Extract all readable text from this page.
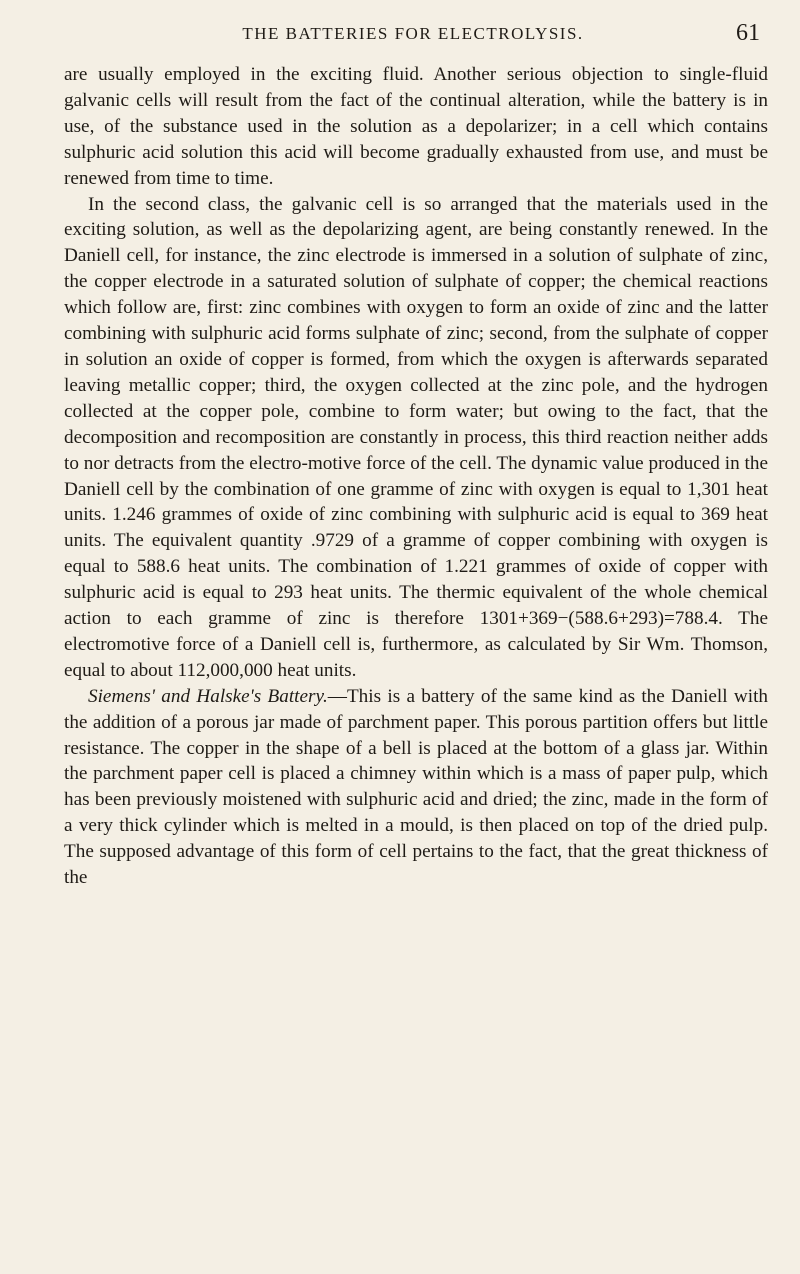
THE BATTERIES FOR ELECTROLYSIS.	61

are usually employed in the exciting fluid. Another serious objection to single-fluid galvanic cells will result from the fact of the continual alteration, while the battery is in use, of the substance used in the solution as a depolarizer; in a cell which contains sulphuric acid solution this acid will become gradually exhausted from use, and must be renewed from time to time.

In the second class, the galvanic cell is so arranged that the materials used in the exciting solution, as well as the depolarizing agent, are being constantly renewed. In the Daniell cell, for instance, the zinc electrode is immersed in a solution of sulphate of zinc, the copper electrode in a saturated solution of sulphate of copper; the chemical reactions which follow are, first: zinc combines with oxygen to form an oxide of zinc and the latter combining with sulphuric acid forms sulphate of zinc; second, from the sulphate of copper in solution an oxide of copper is formed, from which the oxygen is afterwards separated leaving metallic copper; third, the oxygen collected at the zinc pole, and the hydrogen collected at the copper pole, combine to form water; but owing to the fact, that the decomposition and recomposition are constantly in process, this third reaction neither adds to nor detracts from the electro-motive force of the cell. The dynamic value produced in the Daniell cell by the combination of one gramme of zinc with oxygen is equal to 1,301 heat units. 1.246 grammes of oxide of zinc combining with sulphuric acid is equal to 369 heat units. The equivalent quantity .9729 of a gramme of copper combining with oxygen is equal to 588.6 heat units. The combination of 1.221 grammes of oxide of copper with sulphuric acid is equal to 293 heat units. The thermic equivalent of the whole chemical action to each gramme of zinc is therefore 1301+369−(588.6+293)=788.4. The electromotive force of a Daniell cell is, furthermore, as calculated by Sir Wm. Thomson, equal to about 112,000,000 heat units.

Siemens' and Halske's Battery.—This is a battery of the same kind as the Daniell with the addition of a porous jar made of parchment paper. This porous partition offers but little resistance. The copper in the shape of a bell is placed at the bottom of a glass jar. Within the parchment paper cell is placed a chimney within which is a mass of paper pulp, which has been previously moistened with sulphuric acid and dried; the zinc, made in the form of a very thick cylinder which is melted in a mould, is then placed on top of the dried pulp. The supposed advantage of this form of cell pertains to the fact, that the great thickness of the
